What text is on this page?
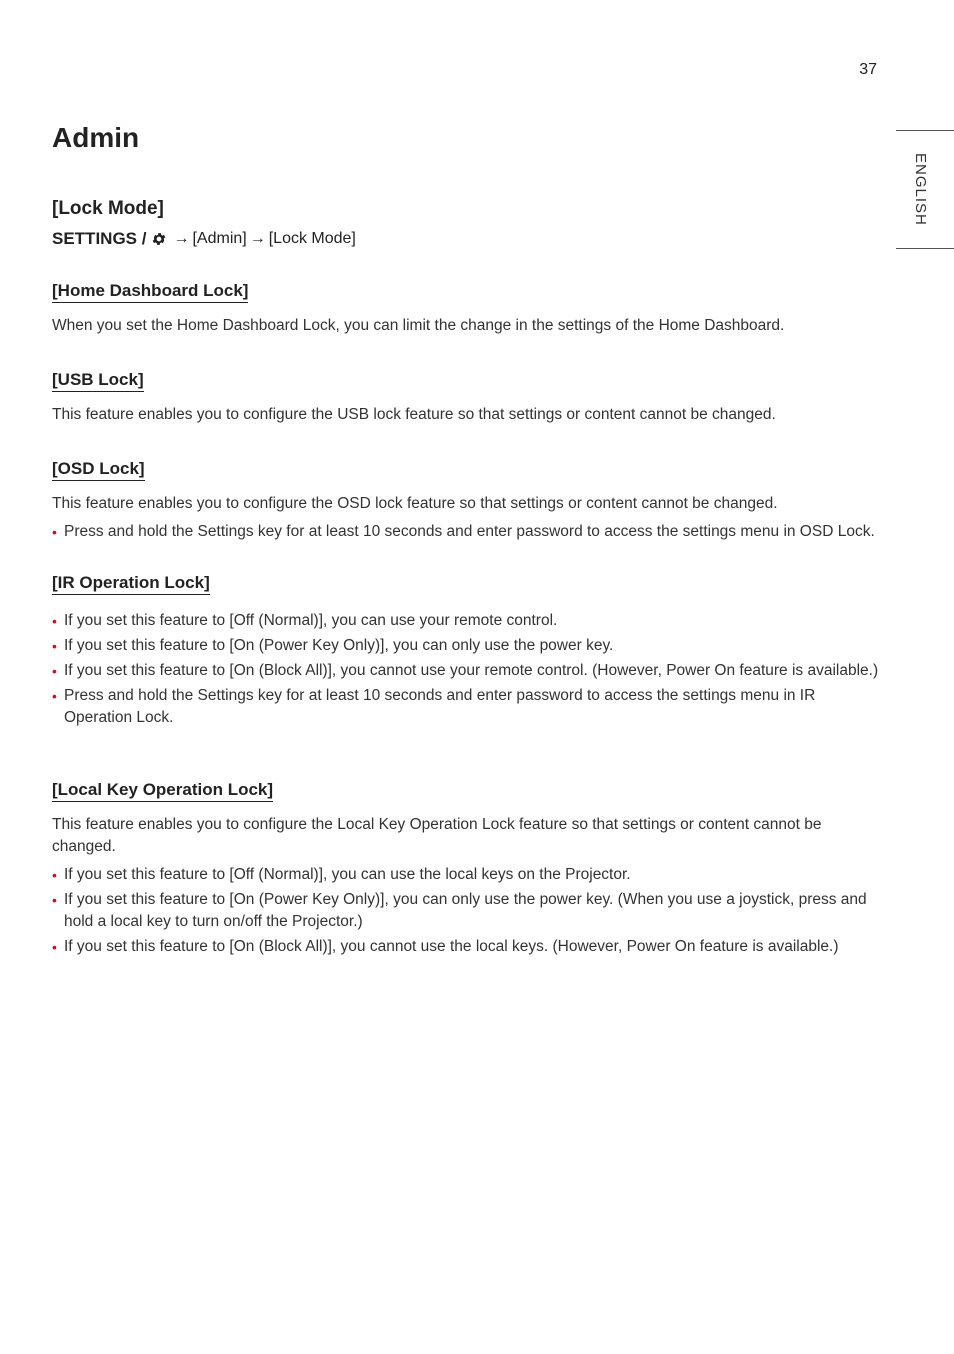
37
ENGLISH
Admin
[Lock Mode]
SETTINGS / → [Admin] → [Lock Mode]
[Home Dashboard Lock]

When you set the Home Dashboard Lock, you can limit the change in the settings of the Home Dashboard.

[USB Lock]

This feature enables you to configure the USB lock feature so that settings or content cannot be changed.

[OSD Lock]

This feature enables you to configure the OSD lock feature so that settings or content cannot be changed.

• Press and hold the Settings key for at least 10 seconds and enter password to access the settings menu in OSD Lock.
[IR Operation Lock]
• If you set this feature to [Off (Normal)], you can use your remote control.
• If you set this feature to [On (Power Key Only)], you can only use the power key.
• If you set this feature to [On (Block All)], you cannot use your remote control. (However, Power On feature is available.)
• Press and hold the Settings key for at least 10 seconds and enter password to access the settings menu in IR Operation Lock.
[Local Key Operation Lock]

This feature enables you to configure the Local Key Operation Lock feature so that settings or content cannot be changed.

• If you set this feature to [Off (Normal)], you can use the local keys on the Projector.
• If you set this feature to [On (Power Key Only)], you can only use the power key. (When you use a joystick, press and hold a local key to turn on/off the Projector.)
• If you set this feature to [On (Block All)], you cannot use the local keys. (However, Power On feature is available.)
